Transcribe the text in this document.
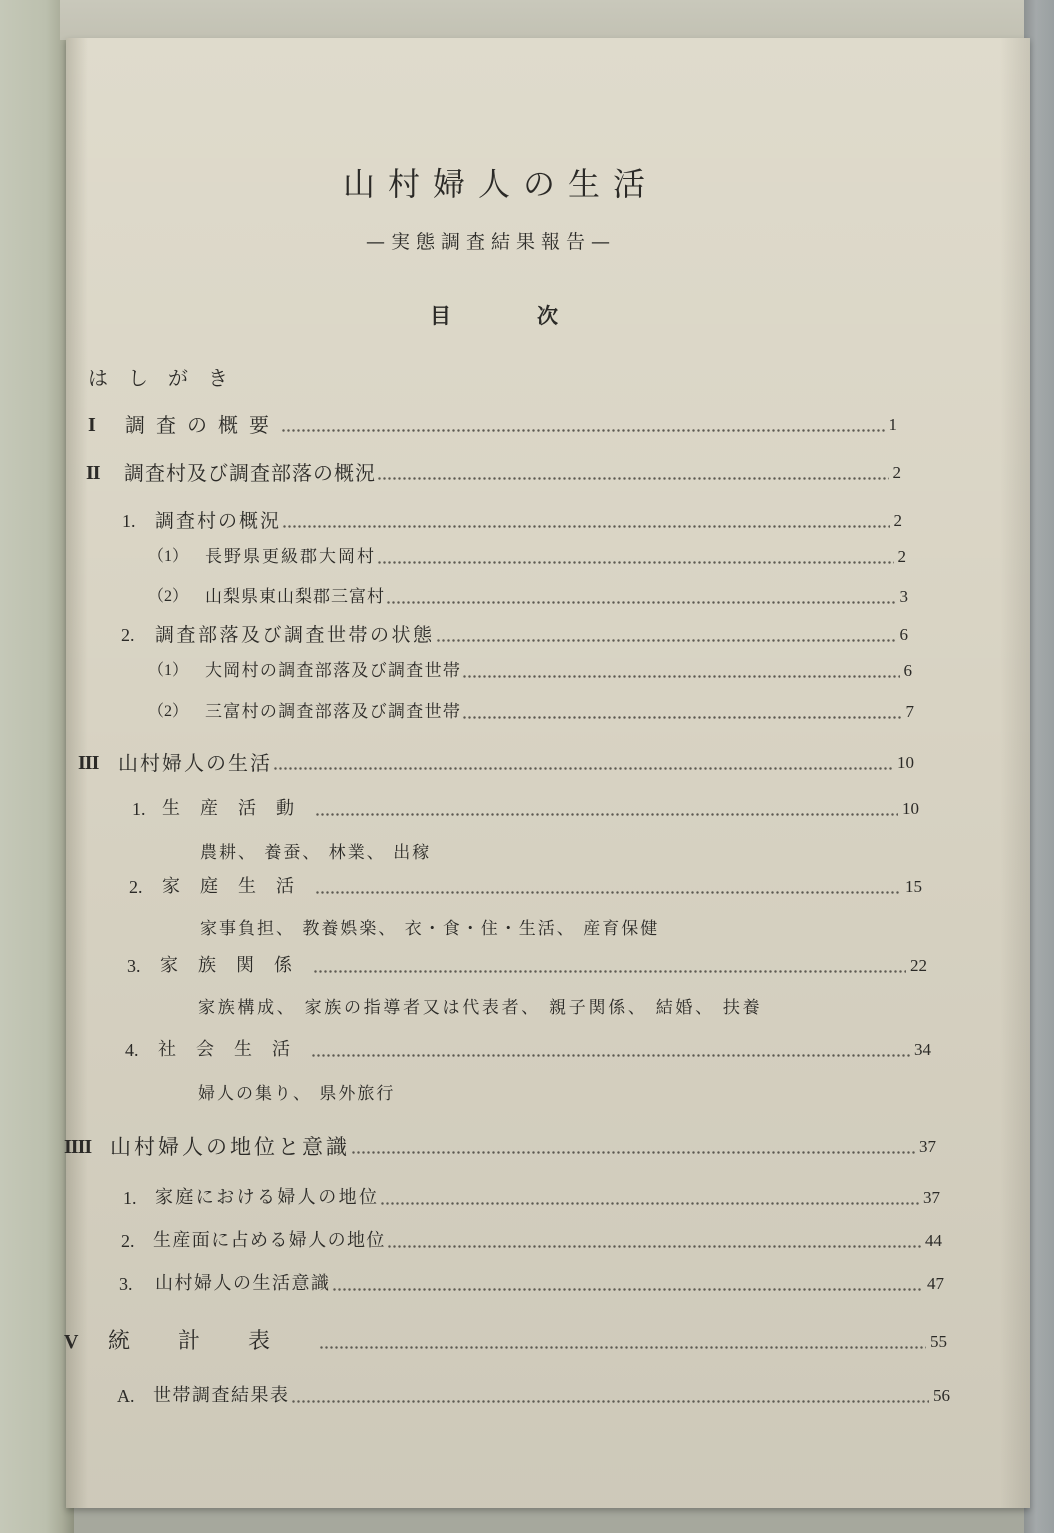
山村婦人の生活
—実態調査結果報告—
目次
はしがき
I	調査の概要	1
II	調査村及び調査部落の概況	2
1.	調査村の概況	2
（1） 長野県更級郡大岡村	2
（2） 山梨県東山梨郡三富村	3
2.	調査部落及び調査世帯の状態	6
（1） 大岡村の調査部落及び調査世帯	6
（2） 三富村の調査部落及び調査世帯	7
III 山村婦人の生活	10
1. 生産活動	10
農耕、 養蚕、 林業、 出稼
2.	家庭生活	15
家事負担、 教養娯楽、 衣・食・住・生活、 産育保健
3.	家族関係	22
家族構成、 家族の指導者又は代表者、 親子関係、 結婚、 扶養
4.	社会生活	34
婦人の集り、 県外旅行
IIII 山村婦人の地位と意識	37
1.	家庭における婦人の地位	37
2.	生産面に占める婦人の地位	44
3.	山村婦人の生活意識	47
V	統計表	55
A.	世帯調査結果表	56
